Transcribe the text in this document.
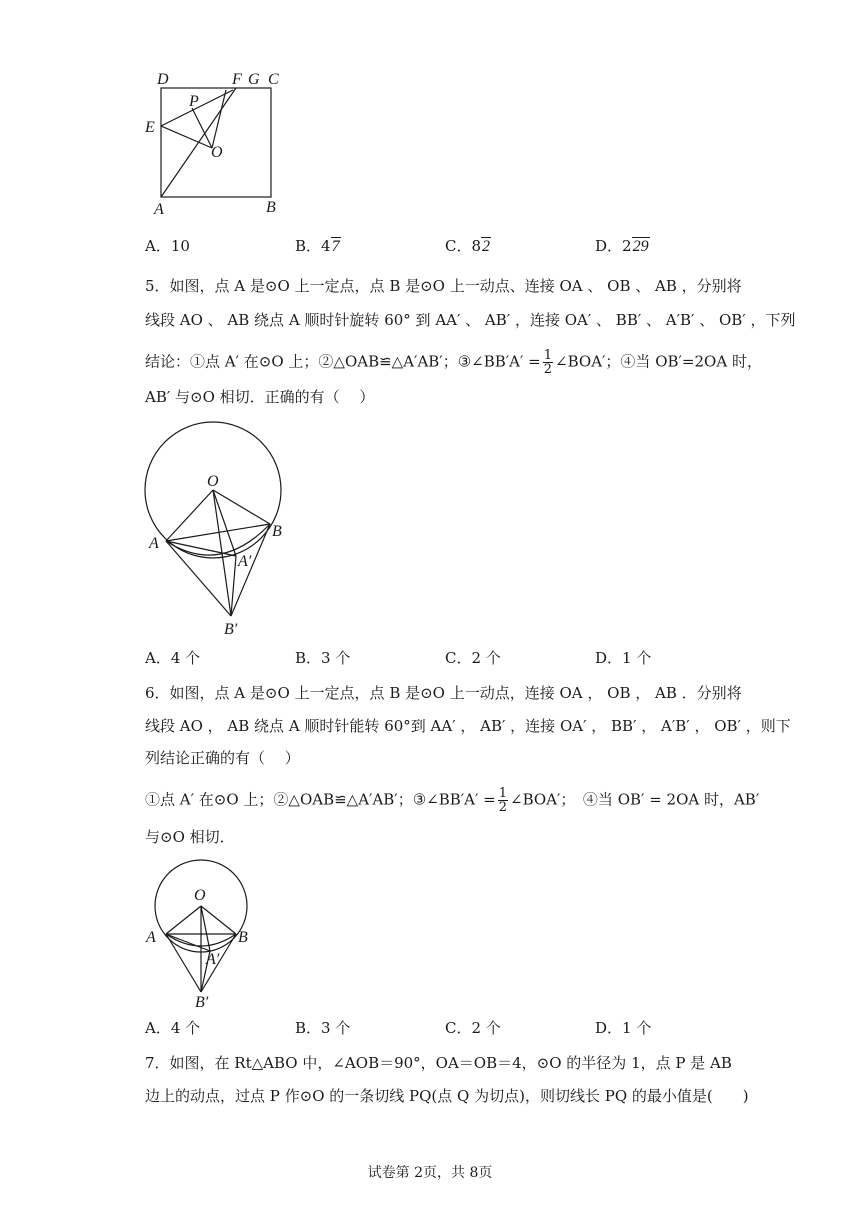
D	F G C
P
E
O
A	B
A．10	B．47	C．82	D．229
5．如图，点 A 是⊙O 上一定点，点 B 是⊙O 上一动点、连接 OA 、 OB 、 AB ，分别将
线段 AO 、 AB 绕点 A 顺时针旋转 60° 到 AA′ 、 AB′ ，连接 OA′ 、 BB′ 、 A′B′ 、 OB′ ，下列
结论：①点 A′ 在⊙O 上；②△OAB≌△A′AB′；③∠BB′A′ = $\frac{1}{2}$ ∠BOA′；④当 OB′=2OA 时，
AB′ 与⊙O 相切．正确的有（　 ）
O
A
B
A′
B′
A．4 个	B．3 个	C．2 个	D．1 个
6．如图，点 A 是⊙O 上一定点，点 B 是⊙O 上一动点，连接 OA ， OB ， AB ．分别将
线段 AO ， AB 绕点 A 顺时针能转 60°到 AA′ ， AB′ ，连接 OA′ ， BB′ ， A′B′ ， OB′ ，则下
列结论正确的有（　 ）
①点 A′ 在⊙O 上；②△OAB≌△A′AB′；③∠BB′A′ = $\frac{1}{2}$ ∠BOA′；　④当 OB′ = 2OA 时，AB′
与⊙O 相切．
O
A	B
A′
B′
A．4 个	B．3 个	C．2 个	D．1 个
7．如图，在 Rt△ABO 中，∠AOB＝90°，OA＝OB＝4，⊙O 的半径为 1，点 P 是 AB
边上的动点，过点 P 作⊙O 的一条切线 PQ(点 Q 为切点)，则切线长 PQ 的最小值是(　　)
试卷第 2页，共 8页
